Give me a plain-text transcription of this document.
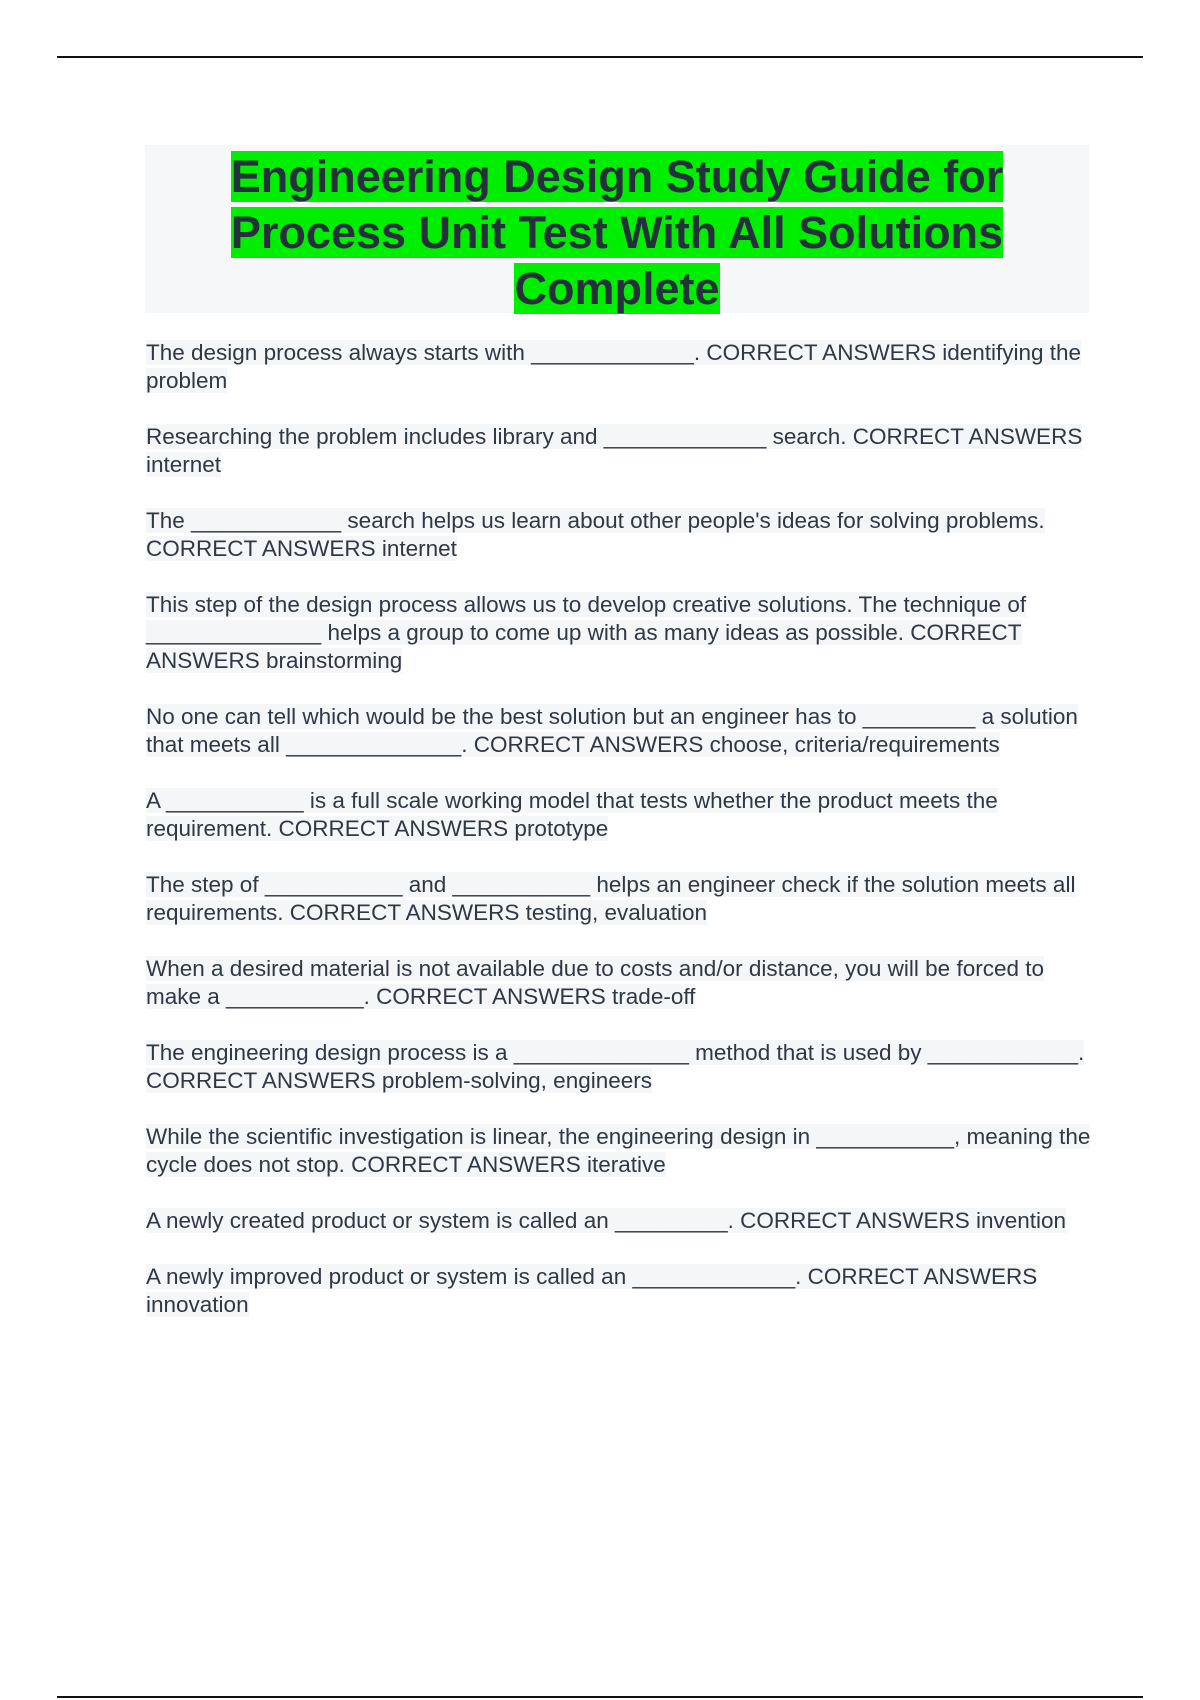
Engineering Design Study Guide for Process Unit Test With All Solutions Complete

The design process always starts with _____________. CORRECT ANSWERS identifying the problem

Researching the problem includes library and _____________ search. CORRECT ANSWERS internet

The ____________ search helps us learn about other people's ideas for solving problems. CORRECT ANSWERS internet

This step of the design process allows us to develop creative solutions. The technique of ______________ helps a group to come up with as many ideas as possible. CORRECT ANSWERS brainstorming

No one can tell which would be the best solution but an engineer has to _________ a solution that meets all ______________. CORRECT ANSWERS choose, criteria/requirements

A ___________ is a full scale working model that tests whether the product meets the requirement. CORRECT ANSWERS prototype

The step of ___________ and ___________ helps an engineer check if the solution meets all requirements. CORRECT ANSWERS testing, evaluation

When a desired material is not available due to costs and/or distance, you will be forced to make a ___________. CORRECT ANSWERS trade-off

The engineering design process is a ______________ method that is used by ____________. CORRECT ANSWERS problem-solving, engineers

While the scientific investigation is linear, the engineering design in ___________, meaning the cycle does not stop. CORRECT ANSWERS iterative

A newly created product or system is called an _________. CORRECT ANSWERS invention

A newly improved product or system is called an _____________. CORRECT ANSWERS innovation
